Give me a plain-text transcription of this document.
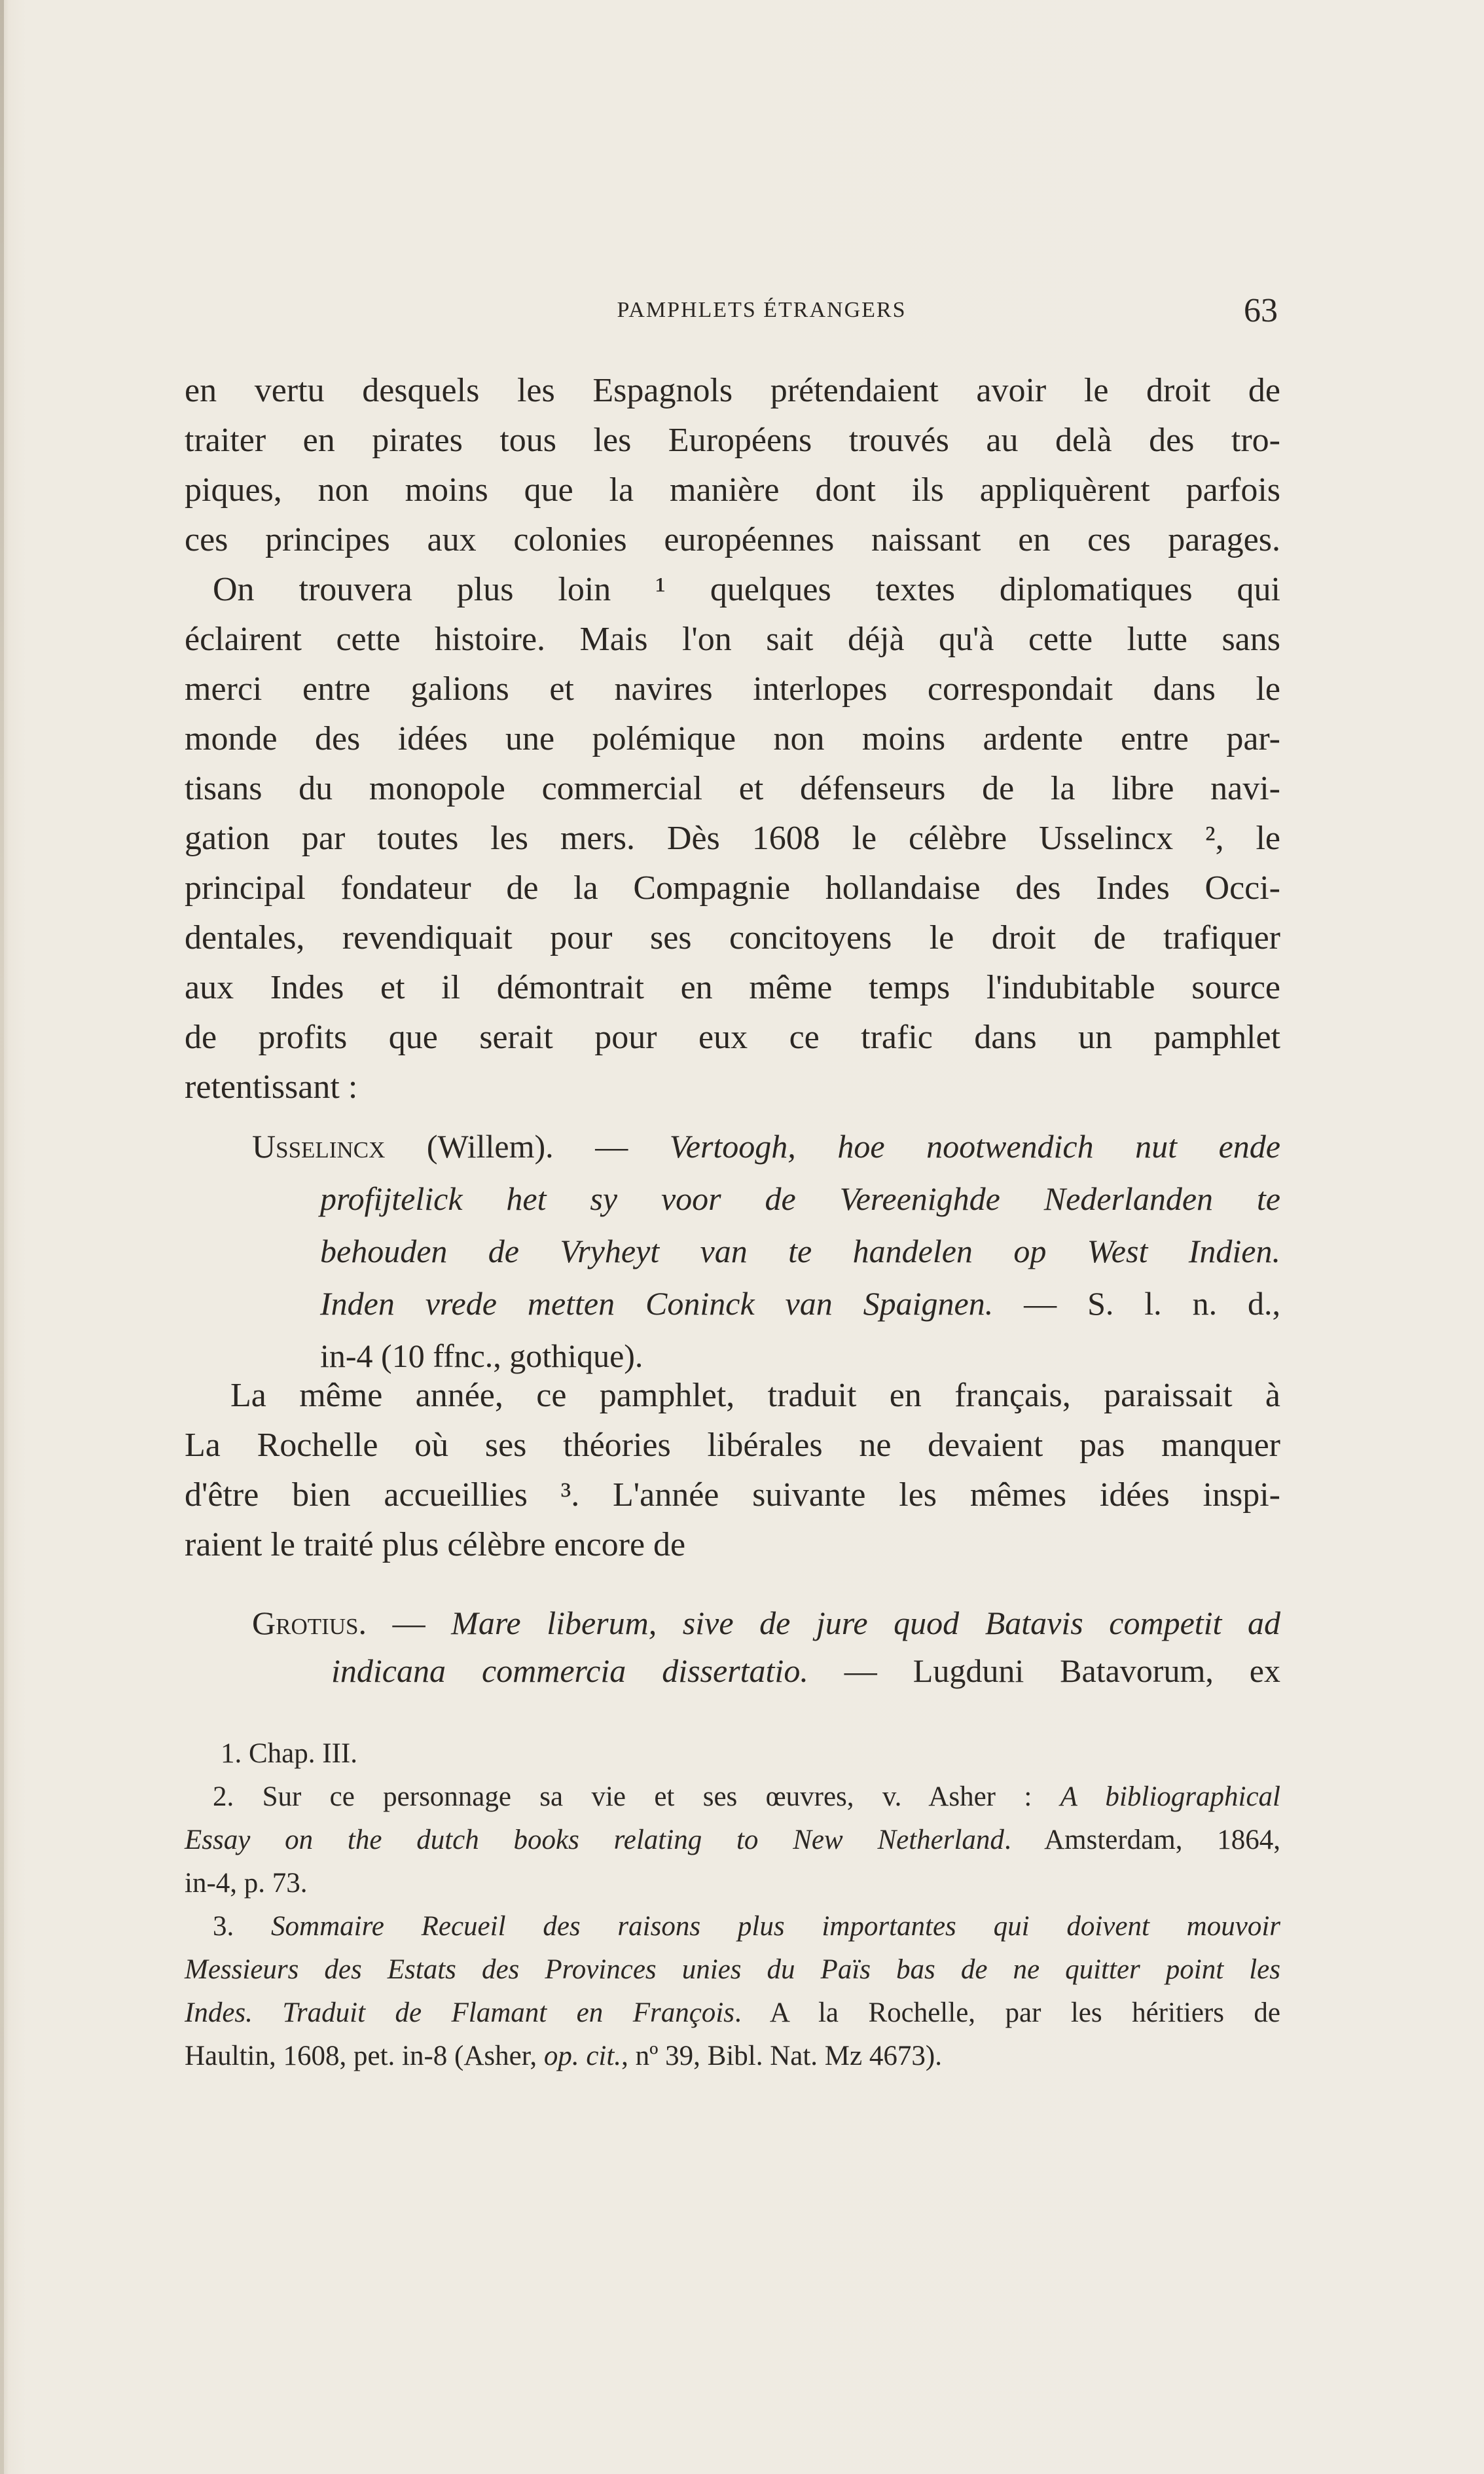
PAMPHLETS ÉTRANGERS	63
en vertu desquels les Espagnols prétendaient avoir le droit de
traiter en pirates tous les Européens trouvés au delà des tro-
piques, non moins que la manière dont ils appliquèrent parfois
ces principes aux colonies européennes naissant en ces parages.
On trouvera plus loin ¹ quelques textes diplomatiques qui
éclairent cette histoire. Mais l'on sait déjà qu'à cette lutte sans
merci entre galions et navires interlopes correspondait dans le
monde des idées une polémique non moins ardente entre par-
tisans du monopole commercial et défenseurs de la libre navi-
gation par toutes les mers. Dès 1608 le célèbre Usselincx ², le
principal fondateur de la Compagnie hollandaise des Indes Occi-
dentales, revendiquait pour ses concitoyens le droit de trafiquer
aux Indes et il démontrait en même temps l'indubitable source
de profits que serait pour eux ce trafic dans un pamphlet
retentissant :
Usselincx (Willem). — Vertoogh, hoe nootwendich nut ende
profijtelick het sy voor de Vereenighde Nederlanden te
behouden de Vryheyt van te handelen op West Indien.
Inden vrede metten Coninck van Spaignen. — S. l. n. d.,
in-4 (10 ffnc., gothique).
La même année, ce pamphlet, traduit en français, paraissait à
La Rochelle où ses théories libérales ne devaient pas manquer
d'être bien accueillies ³. L'année suivante les mêmes idées inspi-
raient le traité plus célèbre encore de
Grotius. — Mare liberum, sive de jure quod Batavis competit ad
indicana commercia dissertatio. — Lugduni Batavorum, ex
1. Chap. III.
2. Sur ce personnage sa vie et ses œuvres, v. Asher : A bibliographical
Essay on the dutch books relating to New Netherland. Amsterdam, 1864,
in-4, p. 73.
3. Sommaire Recueil des raisons plus importantes qui doivent mouvoir
Messieurs des Estats des Provinces unies du Païs bas de ne quitter point les
Indes. Traduit de Flamant en François. A la Rochelle, par les héritiers de
Haultin, 1608, pet. in-8 (Asher, op. cit., nº 39, Bibl. Nat. Mz 4673).
